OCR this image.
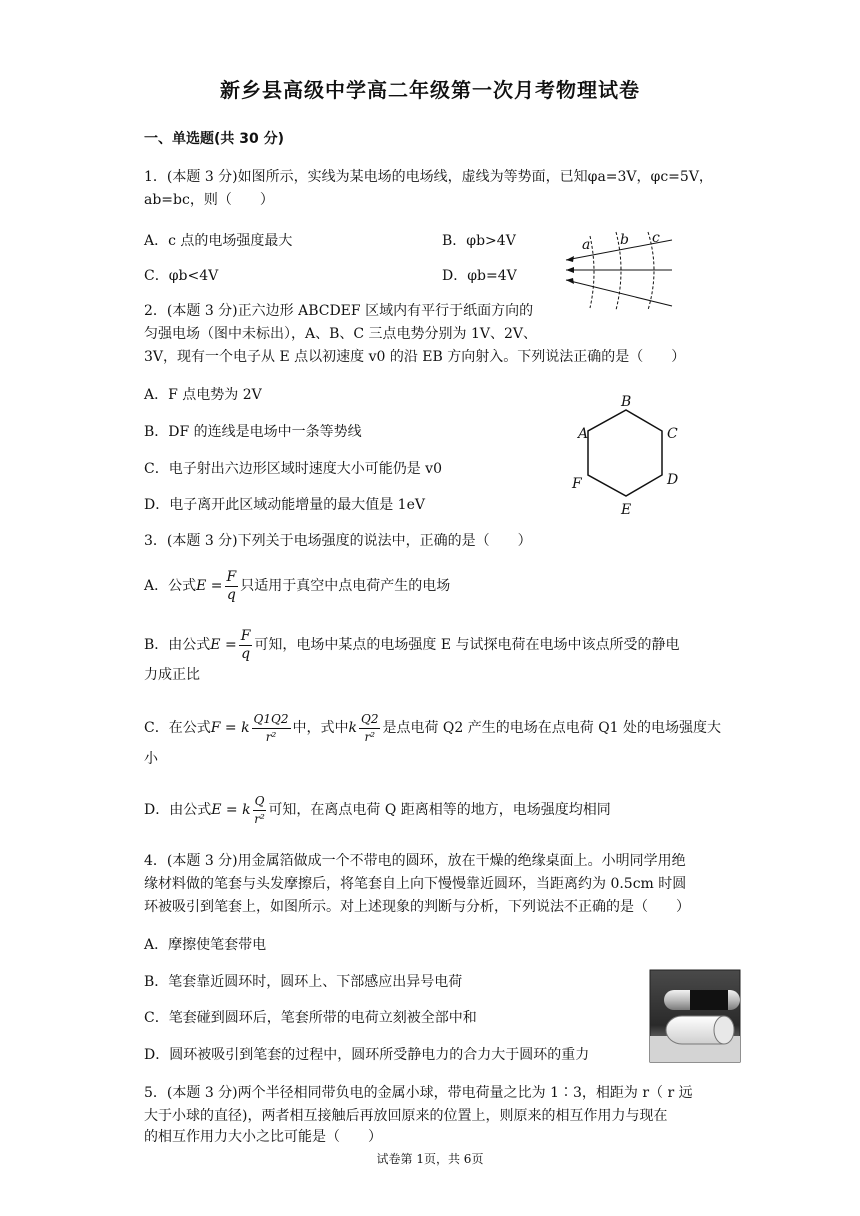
新乡县高级中学高二年级第一次月考物理试卷
一、单选题(共 30 分)
1．(本题 3 分)如图所示，实线为某电场的电场线，虚线为等势面，已知φa=3V，φc=5V，
ab=bc，则（　　）
A．c 点的电场强度最大	B．φb>4V
C．φb<4V	D．φb=4V
a b c
2．(本题 3 分)正六边形 ABCDEF 区域内有平行于纸面方向的
匀强电场（图中未标出），A、B、C 三点电势分别为 1V、2V、
3V，现有一个电子从 E 点以初速度 v0 的沿 EB 方向射入。下列说法正确的是（　　）
A．F 点电势为 2V
B．DF 的连线是电场中一条等势线
C．电子射出六边形区域时速度大小可能仍是 v0
D．电子离开此区域动能增量的最大值是 1eV
A
B
C
D
E
F
3．(本题 3 分)下列关于电场强度的说法中，正确的是（　　）
A．公式$E = \frac{F}{q}$ 只适用于真空中点电荷产生的电场
B．由公式$E = \frac{F}{q}$ 可知，电场中某点的电场强度 E 与试探电荷在电场中该点所受的静电
力成正比
C．在公式F = k $\frac{Q1Q2}{\text{r²}}$ 中，式中k $\frac{Q2}{\text{r²}}$ 是点电荷 Q2 产生的电场在点电荷 Q1 处的电场强度大
小
D．由公式E = k $\frac{Q}{\text{r²}}$ 可知，在离点电荷 Q 距离相等的地方，电场强度均相同
4．(本题 3 分)用金属箔做成一个不带电的圆环，放在干燥的绝缘桌面上。小明同学用绝
缘材料做的笔套与头发摩擦后，将笔套自上向下慢慢靠近圆环，当距离约为 0.5cm 时圆
环被吸引到笔套上，如图所示。对上述现象的判断与分析，下列说法不正确的是（　　）
A．摩擦使笔套带电
B．笔套靠近圆环时，圆环上、下部感应出异号电荷
C．笔套碰到圆环后，笔套所带的电荷立刻被全部中和
D．圆环被吸引到笔套的过程中，圆环所受静电力的合力大于圆环的重力
5．(本题 3 分)两个半径相同带负电的金属小球，带电荷量之比为 1∶3，相距为 r（ r 远
大于小球的直径)，两者相互接触后再放回原来的位置上，则原来的相互作用力与现在
的相互作用力大小之比可能是（　　）
试卷第 1页，共 6页
